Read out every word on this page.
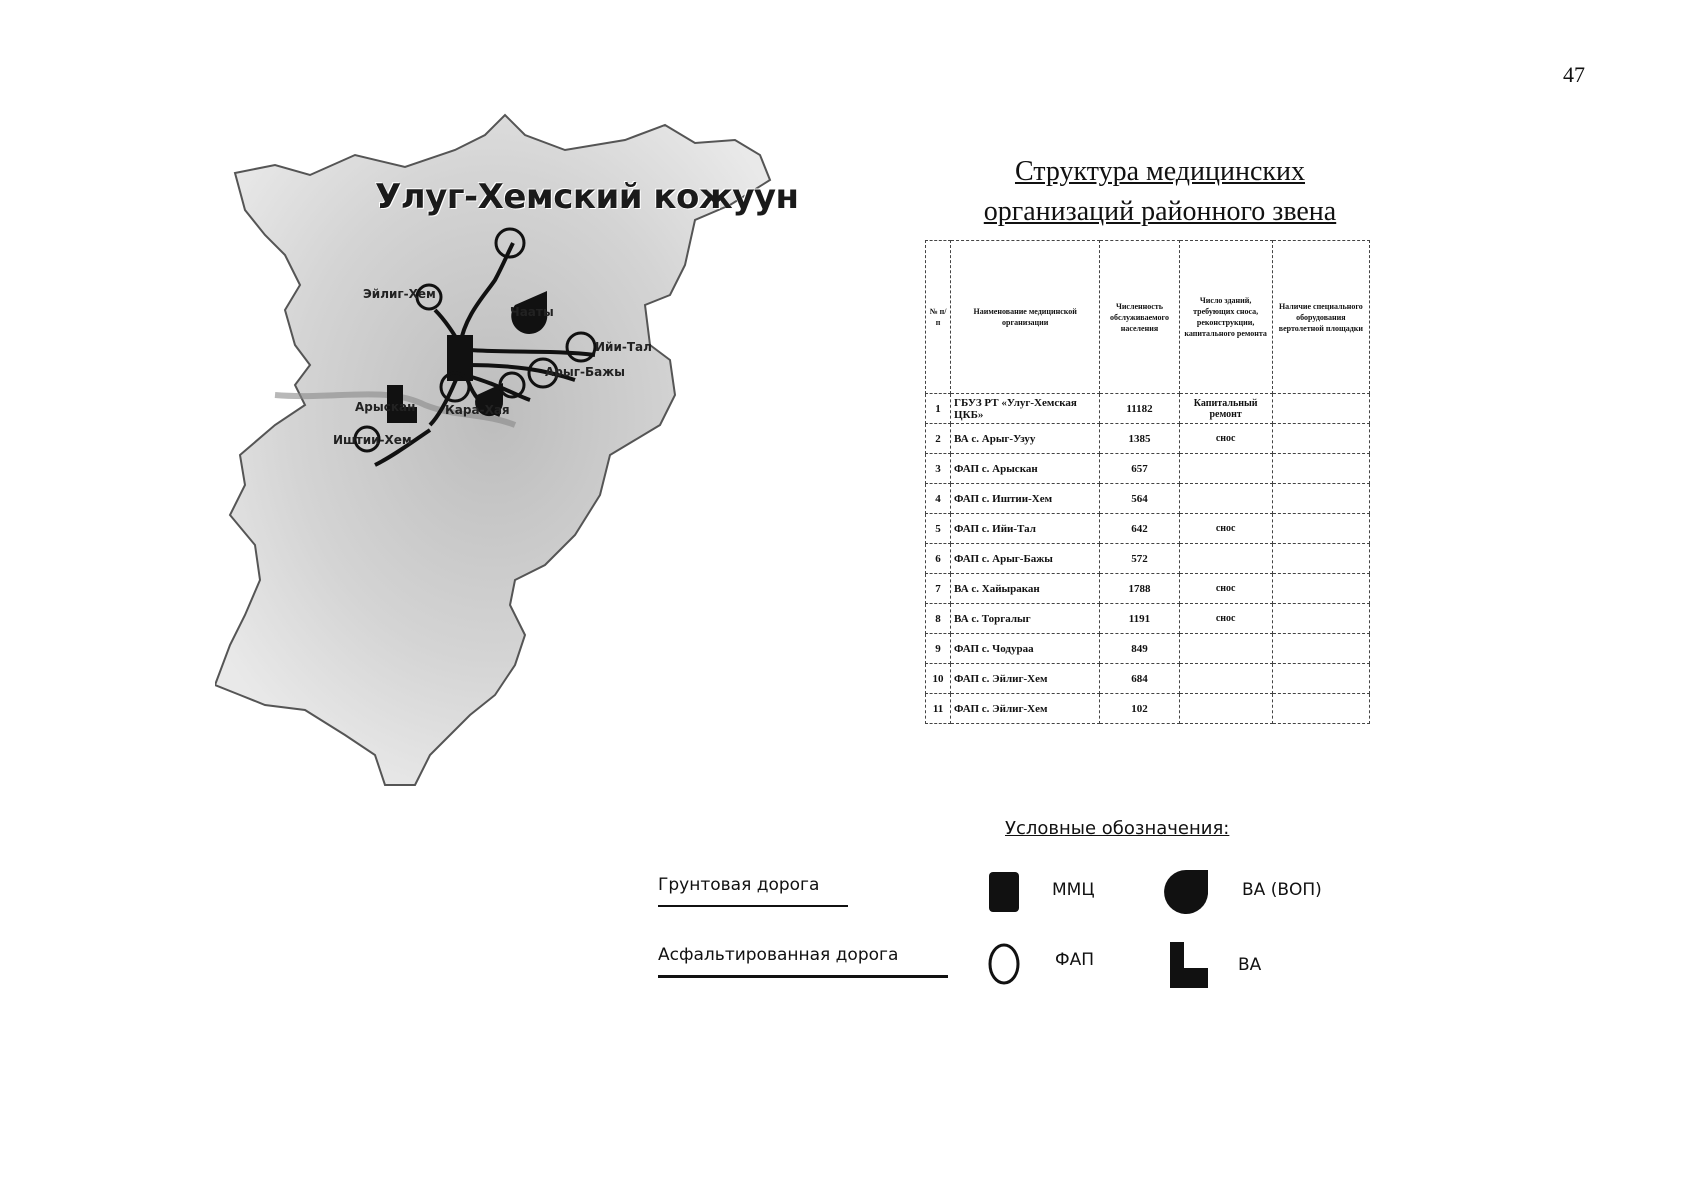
47
Улуг-Хемский кожуун
Эйлиг-Хем
Ийи-Тал
Арыг-Бажы
Арыскан
Иштии-Хем
Чааты
Кара-Хая
Структура медицинских
организаций районного звена
№ п/п	Наименование медицинской организации	Численность обслуживаемого населения	Число зданий, требующих сноса, реконструкции, капитального ремонта	Наличие специального оборудования вертолетной площадки
1	ГБУЗ РТ «Улуг-Хемская ЦКБ»	11182	Капитальный ремонт	
2	ВА с. Арыг-Узуу	1385	снос	
3	ФАП с. Арыскан	657		
4	ФАП с. Иштии-Хем	564		
5	ФАП с. Ийи-Тал	642	снос	
6	ФАП с. Арыг-Бажы	572		
7	ВА с. Хайыракан	1788	снос	
8	ВА с. Торгалыг	1191	снос	
9	ФАП с. Чодураа	849		
10	ФАП с. Эйлиг-Хем	684		
11	ФАП с. Эйлиг-Хем	102		
Условные обозначения:
Грунтовая дорога
Асфальтированная дорога
ММЦ	ВА (ВОП)
ФАП	ВА
